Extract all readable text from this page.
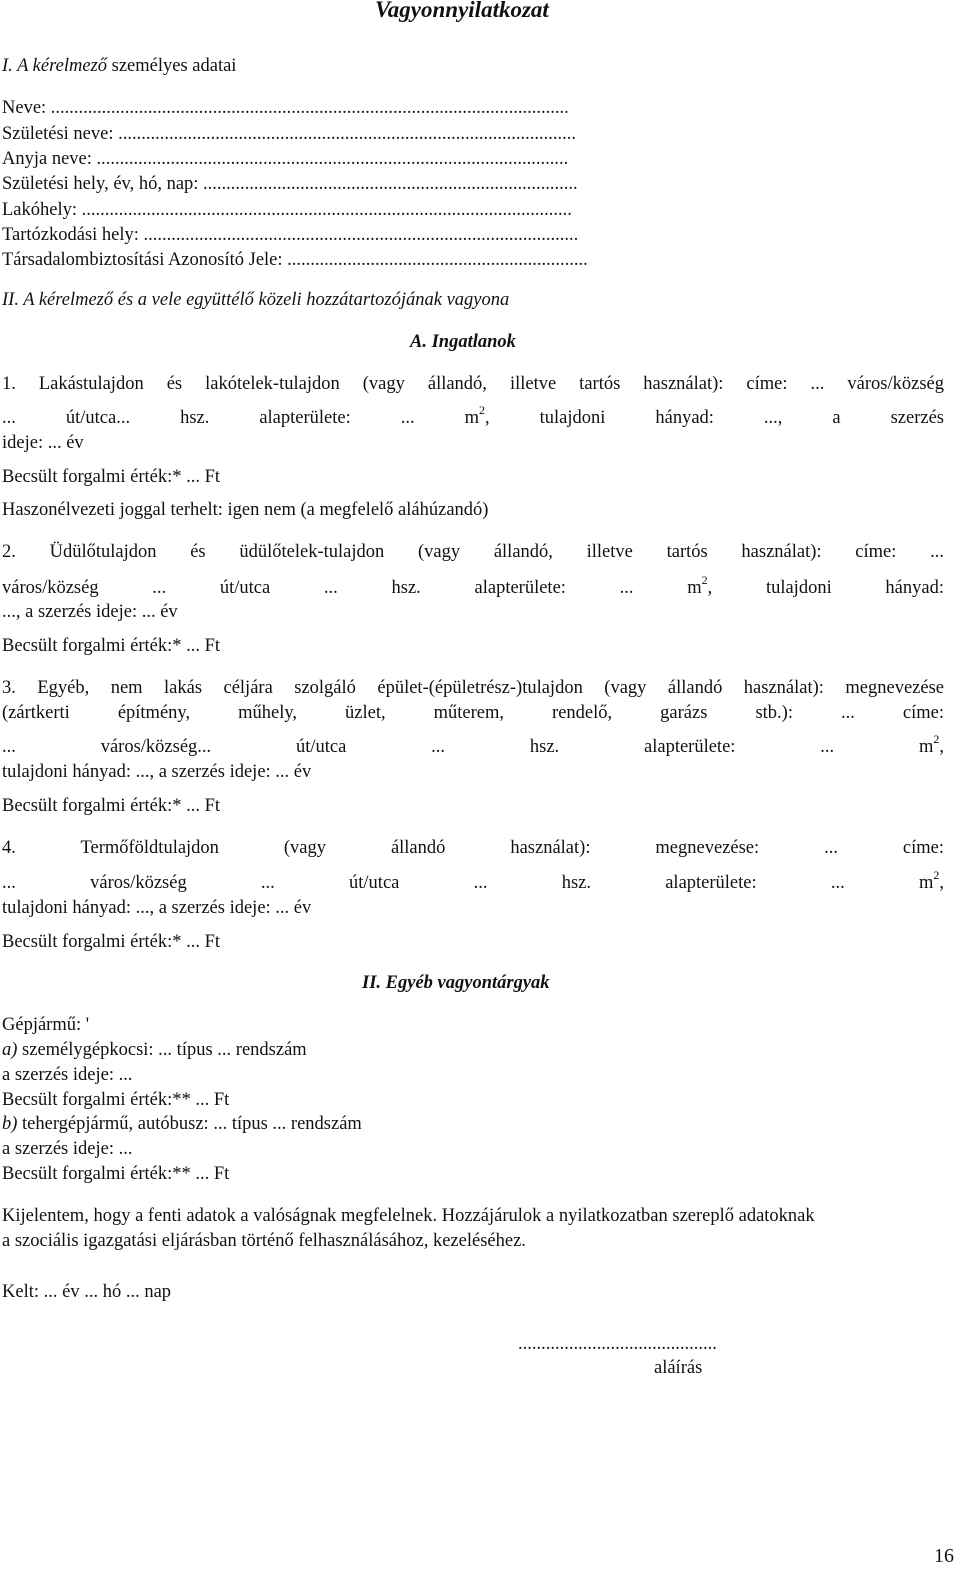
Vagyonnyilatkozat
I. A kérelmező személyes adatai
Neve: ................................................................................................................
Születési neve: ...................................................................................................
Anyja neve: ......................................................................................................
Születési hely, év, hó, nap: .................................................................................
Lakóhely: ..........................................................................................................
Tartózkodási hely: ..............................................................................................
Társadalombiztosítási Azonosító Jele: .................................................................
II. A kérelmező és a vele együttélő közeli hozzátartozójának vagyona
A. Ingatlanok
1. Lakástulajdon és lakótelek-tulajdon (vagy állandó, illetve tartós használat): címe: ... város/község
... út/utca... hsz. alapterülete: ... $m^2$, tulajdoni hányad: ..., a szerzés
ideje: ... év
Becsült forgalmi érték:* ... Ft
Haszonélvezeti joggal terhelt: igen nem (a megfelelő aláhúzandó)
2. Üdülőtulajdon és üdülőtelek-tulajdon (vagy állandó, illetve tartós használat): címe: ...
város/község ... út/utca ... hsz. alapterülete: ... $m^2$, tulajdoni hányad:
..., a szerzés ideje: ... év
Becsült forgalmi érték:* ... Ft
3. Egyéb, nem lakás céljára szolgáló épület-(épületrész-)tulajdon (vagy állandó használat): megnevezése
(zártkerti építmény, műhely, üzlet, műterem, rendelő, garázs stb.): ... címe:
... város/község... út/utca ... hsz. alapterülete: ... $m^2$,
tulajdoni hányad: ..., a szerzés ideje: ... év
Becsült forgalmi érték:* ... Ft
4. Termőföldtulajdon (vagy állandó használat): megnevezése: ... címe:
... város/község ... út/utca ... hsz. alapterülete: ... $m^2$,
tulajdoni hányad: ..., a szerzés ideje: ... év
Becsült forgalmi érték:* ... Ft
II. Egyéb vagyontárgyak
Gépjármű: '
a) személygépkocsi: ... típus ... rendszám
a szerzés ideje: ...
Becsült forgalmi érték:** ... Ft
b) tehergépjármű, autóbusz: ... típus ... rendszám
a szerzés ideje: ...
Becsült forgalmi érték:** ... Ft
Kijelentem, hogy a fenti adatok a valóságnak megfelelnek. Hozzájárulok a nyilatkozatban szereplő adatoknak
a szociális igazgatási eljárásban történő felhasználásához, kezeléséhez.
Kelt: ... év ... hó ... nap
...........................................
aláírás
16
